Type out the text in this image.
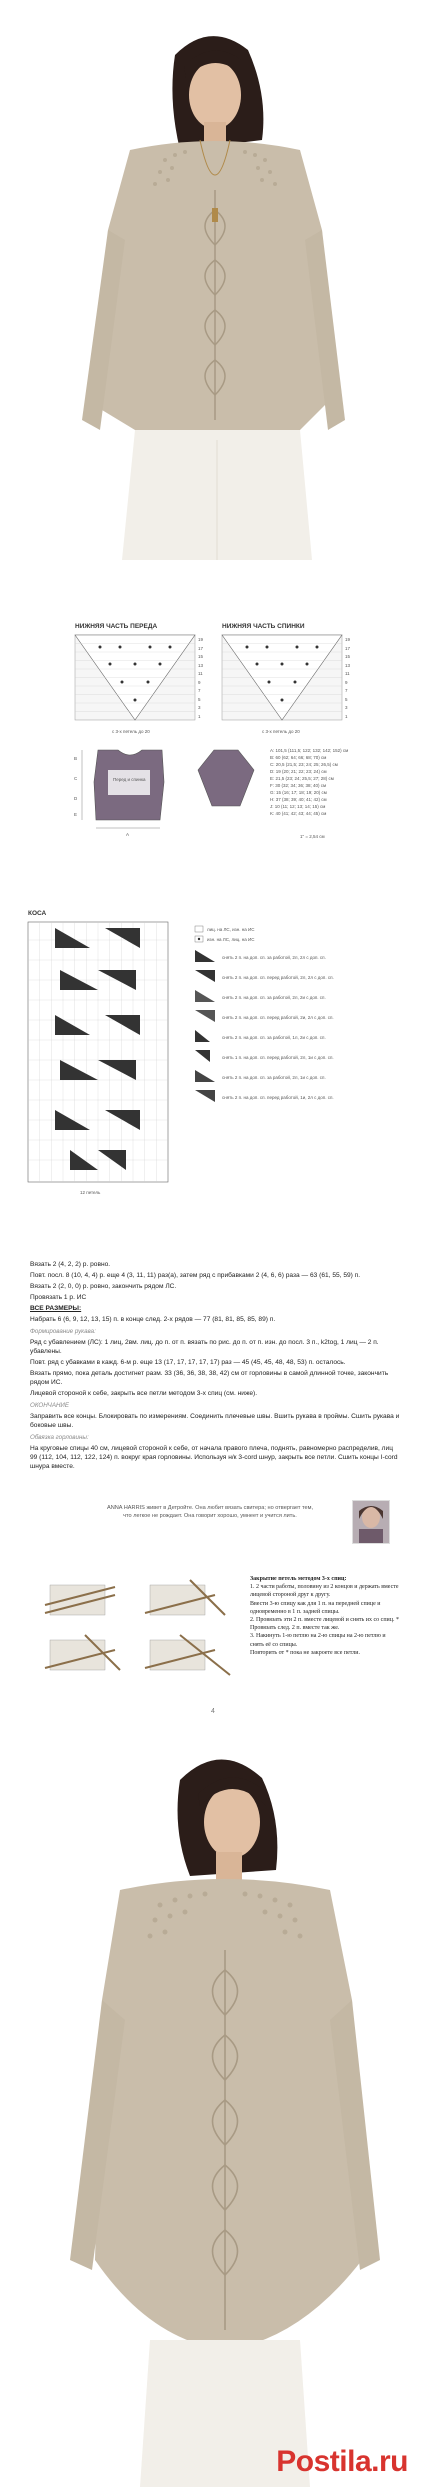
НИЖНЯЯ ЧАСТЬ ПЕРЕДА
19
17
15
13
11
9
7
5
3
1
с 3-х петель до 20
НИЖНЯЯ ЧАСТЬ СПИНКИ
19
17
15
13
11
9
7
5
3
1
с 3-х петель до 20
Перед и спинка
B
C
D
E
A
A: 101,5 (111,5; 122; 132; 142; 152) см
B: 60 (62; 64; 66; 68; 70) см
C: 20,5 (21,5; 23; 24; 25; 26,5) см
D: 19 (20; 21; 22; 23; 24) см
E: 21,5 (23; 24; 25,5; 27; 28) см
F: 30 (32; 34; 36; 38; 40) см
G: 15 (16; 17; 18; 19; 20) см
H: 37 (38; 39; 40; 41; 42) см
J: 10 (11; 12; 13; 14; 15) см
K: 40 (41; 42; 43; 44; 45) см
1" = 2,54 см
КОСА
12 петель
лиц. на ЛС, изн. на ИС
изн. на ЛС, лиц. на ИС
снять 2 п. на доп. сп. за работой, 2л, 2л с доп. сп.
снять 2 п. на доп. сп. перед работой, 2л, 2л с доп. сп.
снять 2 п. на доп. сп. за работой, 2л, 2и с доп. сп.
снять 2 п. на доп. сп. перед работой, 2и, 2л с доп. сп.
снять 2 п. на доп. сп. за работой, 1л, 2и с доп. сп.
снять 1 п. на доп. сп. перед работой, 2л, 1и с доп. сп.
снять 2 п. на доп. сп. за работой, 2л, 1и с доп. сп.
снять 2 п. на доп. сп. перед работой, 1и, 2л с доп. сп.

Вязать 2 (4, 2, 2) р. ровно.

Повт. посл. 8 (10, 4, 4) р. еще 4 (3, 11, 11) раз(а), затем ряд с прибавками 2 (4, 6, 6) раза — 63 (61, 55, 59) п.

Вязать 2 (2, 0, 0) р. ровно, закончить рядом ЛС.

Провязать 1 р. ИС

ВСЕ РАЗМЕРЫ:

Набрать 6 (6, 9, 12, 13, 15) п. в конце след. 2-х рядов — 77 (81, 81, 85, 85, 89) п.

Формирование рукава:

Ряд с убавлением (ЛС): 1 лиц, 2вм. лиц. до п. от п. вязать по рис. до п. от п. изн. до посл. 3 п., k2tog, 1 лиц — 2 п. убавлены.

Повт. ряд с убавками в кажд. 6-м р. еще 13 (17, 17, 17, 17, 17) раз — 45 (45, 45, 48, 48, 53) п. осталось.

Вязать прямо, пока деталь достигнет разм. 33 (36, 36, 38, 38, 42) см от горловины в самой длинной точке, закончить рядом ИС.

Лицевой стороной к себе, закрыть все петли методом 3-х спиц (см. ниже).

ОКОНЧАНИЕ

Заправить все концы. Блокировать по измерениям. Соединить плечевые швы. Вшить рукава в проймы. Сшить рукава и боковые швы.

Обвязка горловины:

На круговые спицы 40 см, лицевой стороной к себе, от начала правого плеча, поднять, равномерно распределив, лиц 99 (112, 104, 112, 122, 124) п. вокруг края горловины. Используя н/к 3-cord шнур, закрыть все петли. Сшить концы I-cord шнура вместе.

ANNA HARRIS живет в Детройте. Она любит вязать свитера; но отвергает тем, что легкое не рождает. Она говорит хорошо, умнеет и учится лить.
Закрытие петель методом 3-х спиц:
1. 2 части работы, половину из 2 концов и держать вместе лицевой стороной друг к другу.
Ввести 3-ю спицу как для 1 п. на передней спице и одновременно в 1 п. задней спицы.
2. Провязать эти 2 п. вместе лицевой и снять их со спиц. * Провязать след. 2 п. вместе так же.
3. Накинуть 1-ю петлю на 2-ю спицы на 2-ю петлю и снять её со спицы.
Повторить от * пока не закроете все петли.
4
Postila.ru
